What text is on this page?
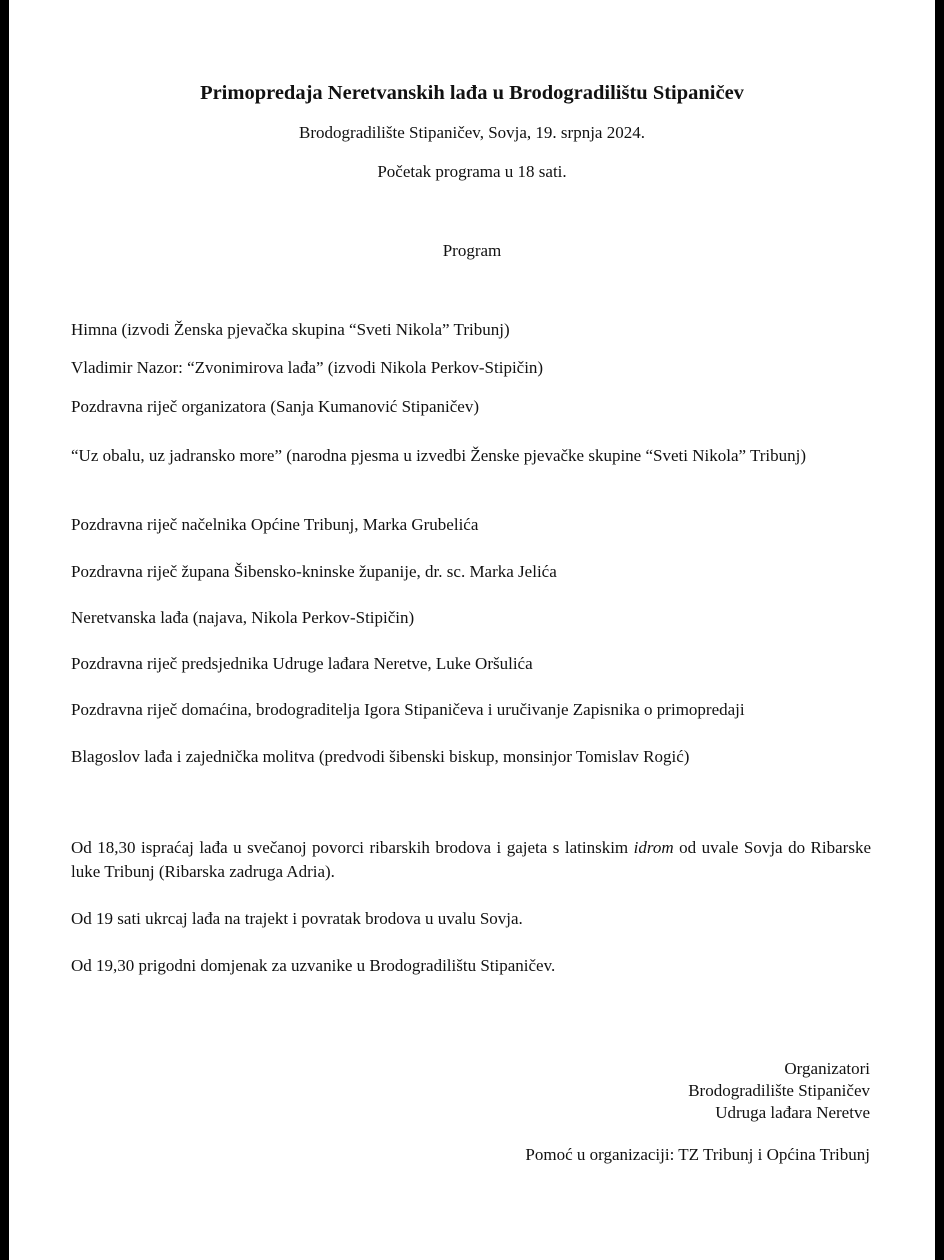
Primopredaja Neretvanskih lađa u Brodogradilištu Stipaničev
Brodogradilište Stipaničev, Sovja, 19. srpnja 2024.
Početak programa u 18 sati.
Program
Himna (izvodi Ženska pjevačka skupina “Sveti Nikola” Tribunj)
Vladimir Nazor: “Zvonimirova lađa” (izvodi Nikola Perkov-Stipičin)
Pozdravna riječ organizatora (Sanja Kumanović Stipaničev)
“Uz obalu, uz jadransko more” (narodna pjesma u izvedbi Ženske pjevačke skupine “Sveti Nikola” Tribunj)
Pozdravna riječ načelnika Općine Tribunj, Marka Grubelića
Pozdravna riječ župana Šibensko-kninske županije, dr. sc. Marka Jelića
Neretvanska lađa (najava, Nikola Perkov-Stipičin)
Pozdravna riječ predsjednika Udruge lađara Neretve, Luke Oršulića
Pozdravna riječ domaćina, brodograditelja Igora Stipaničeva i uručivanje Zapisnika o primopredaji
Blagoslov lađa i zajednička molitva (predvodi šibenski biskup, monsinjor Tomislav Rogić)
Od 18,30 ispraćaj lađa u svečanoj povorci ribarskih brodova i gajeta s latinskim idrom od uvale Sovja do Ribarske luke Tribunj (Ribarska zadruga Adria).
Od 19 sati ukrcaj lađa na trajekt i povratak brodova u uvalu Sovja.
Od 19,30 prigodni domjenak za uzvanike u Brodogradilištu Stipaničev.
Organizatori
Brodogradilište Stipaničev
Udruga lađara Neretve
Pomoć u organizaciji: TZ Tribunj i Općina Tribunj
